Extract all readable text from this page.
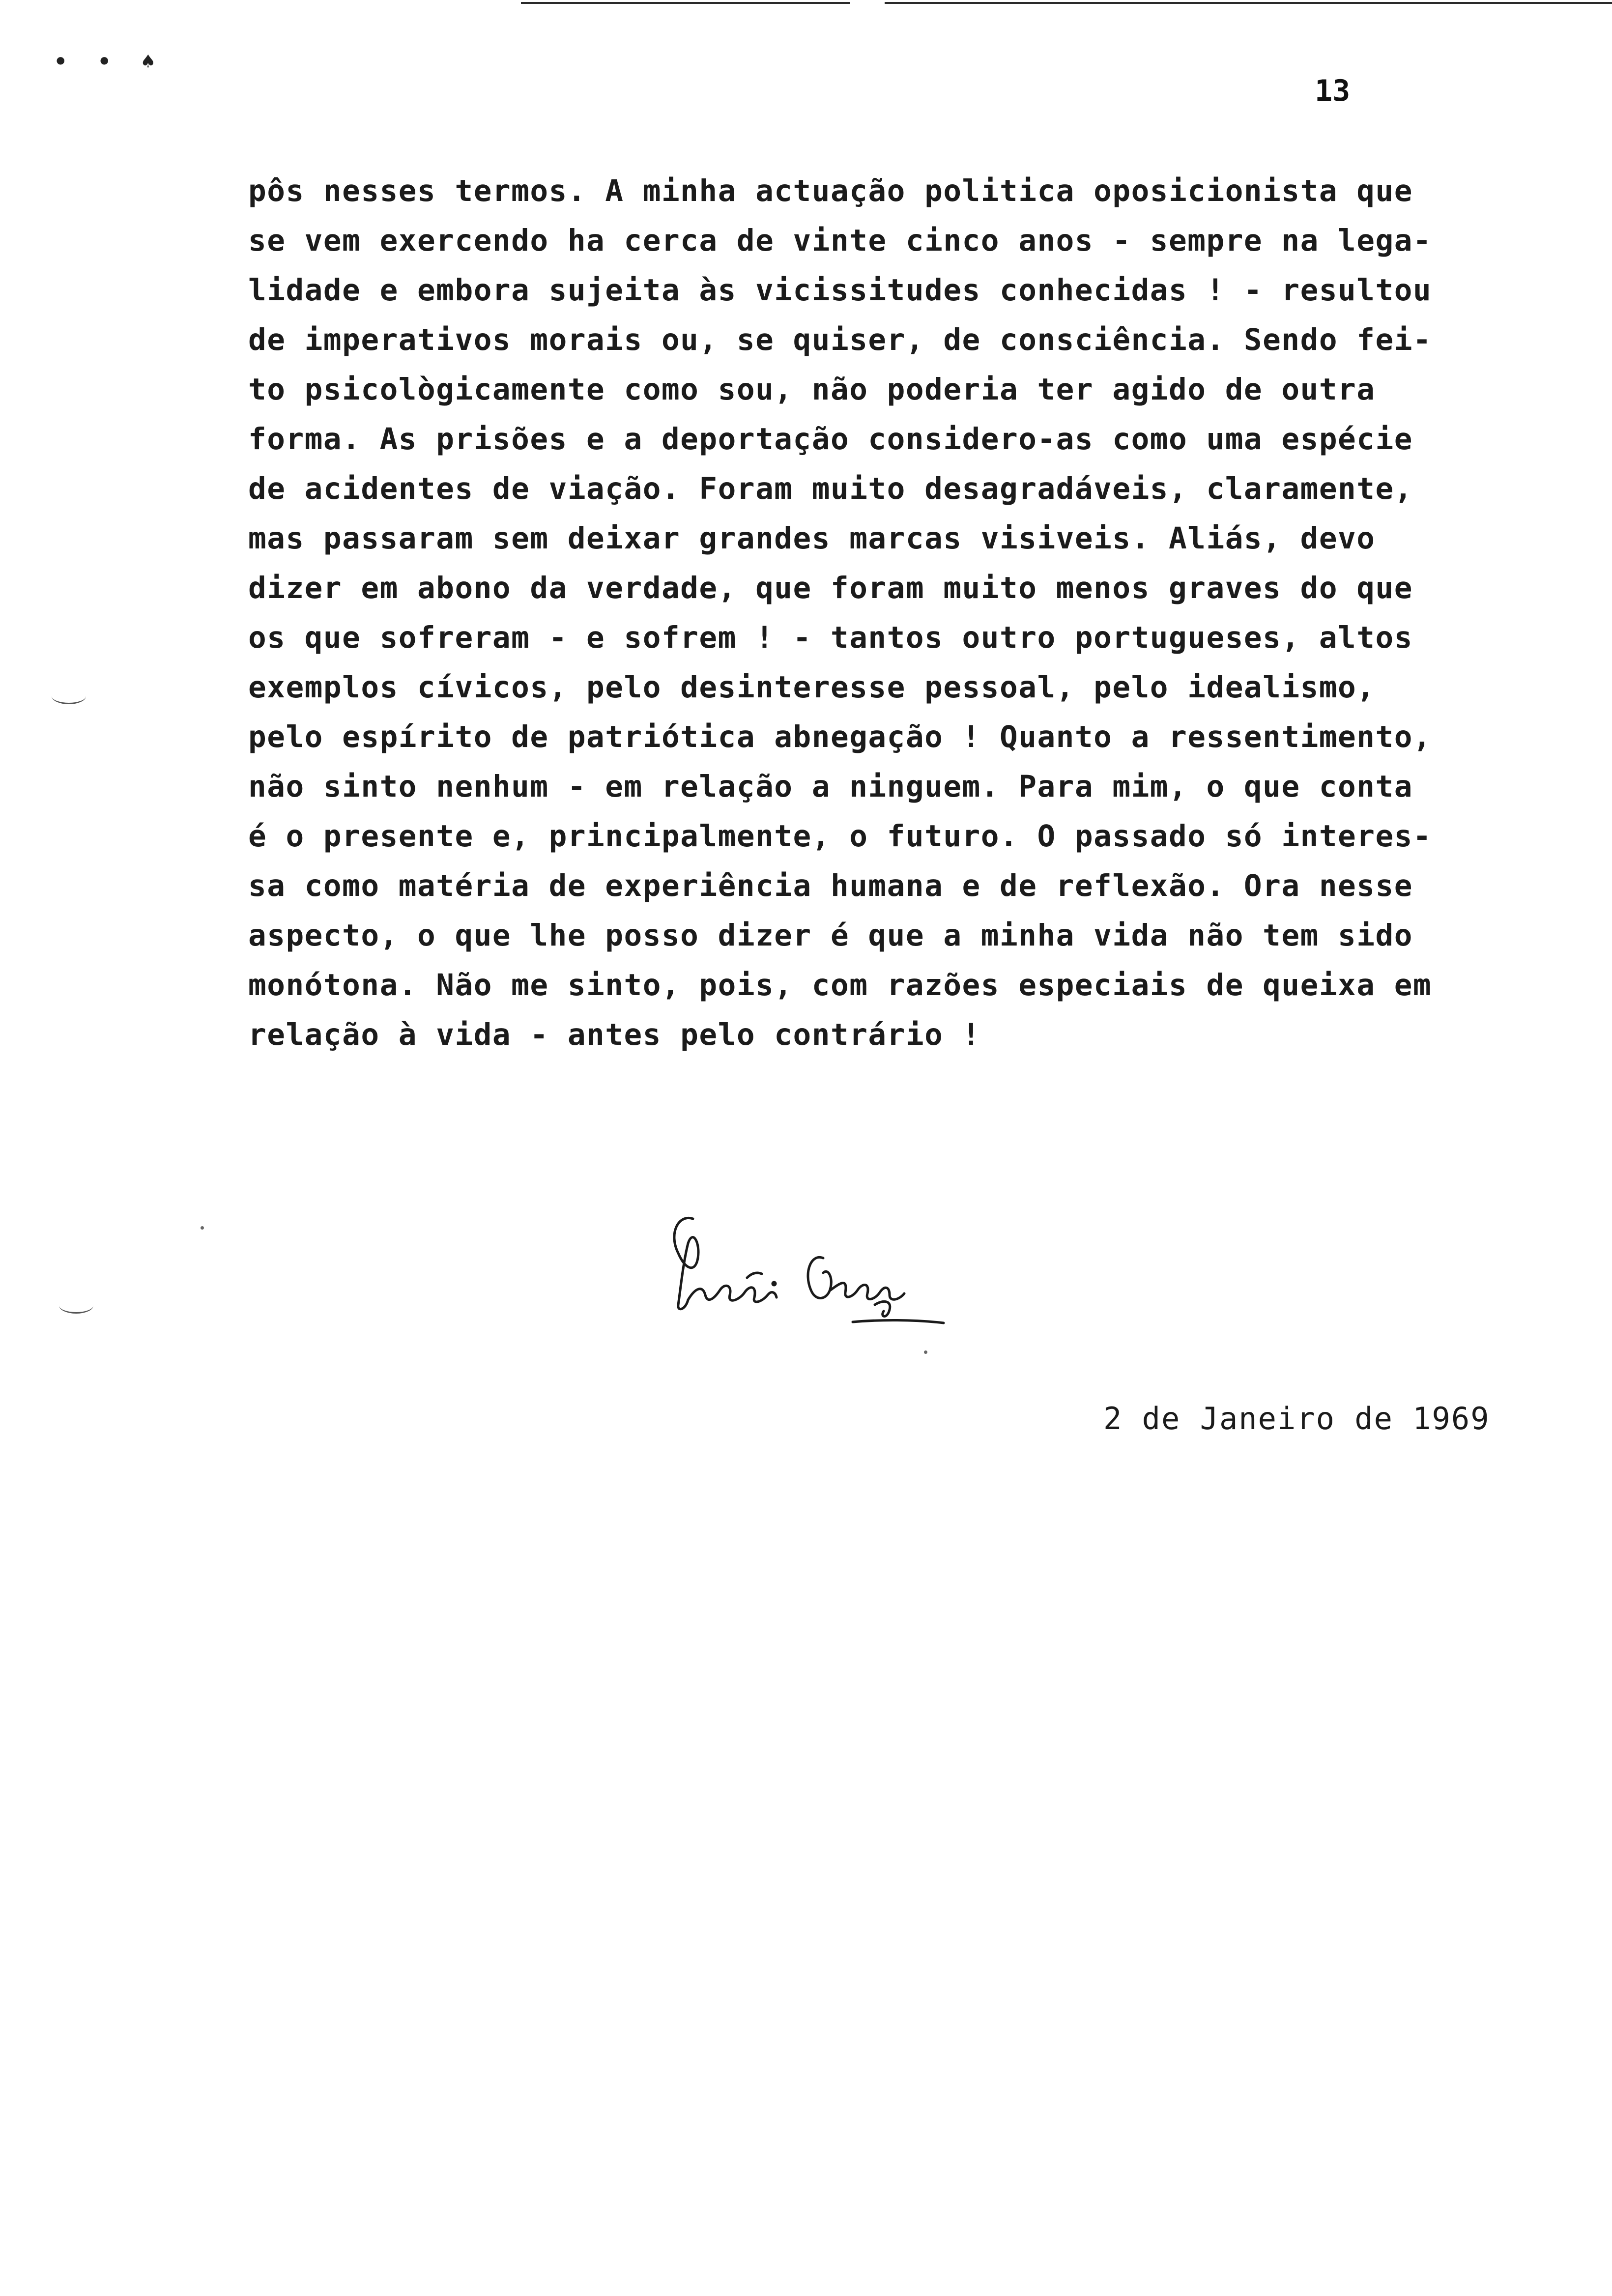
• • ♠
13
pôs nesses termos. A minha actuação politica oposicionista que
se vem exercendo ha cerca de vinte cinco anos - sempre na lega-
lidade e embora sujeita às vicissitudes conhecidas ! - resultou
de imperativos morais ou, se quiser, de consciência. Sendo fei-
to psicològicamente como sou, não poderia ter agido de outra
forma. As prisões e a deportação considero-as como uma espécie
de acidentes de viação. Foram muito desagradáveis, claramente,
mas passaram sem deixar grandes marcas visiveis. Aliás, devo
dizer em abono da verdade, que foram muito menos graves do que
os que sofreram - e sofrem ! - tantos outro portugueses, altos
exemplos cívicos, pelo desinteresse pessoal, pelo idealismo,
pelo espírito de patriótica abnegação ! Quanto a ressentimento,
não sinto nenhum - em relação a ninguem. Para mim, o que conta
é o presente e, principalmente, o futuro. O passado só interes-
sa como matéria de experiência humana e de reflexão. Ora nesse
aspecto, o que lhe posso dizer é que a minha vida não tem sido
monótona. Não me sinto, pois, com razões especiais de queixa em
relação à vida - antes pelo contrário !
2 de Janeiro de 1969
